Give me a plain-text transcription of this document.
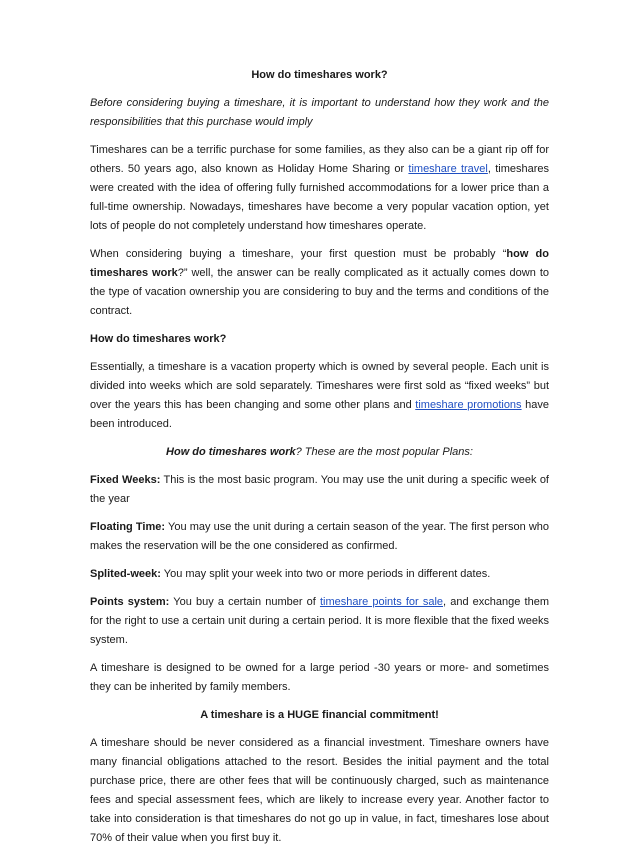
How do timeshares work?

Before considering buying a timeshare, it is important to understand how they work and the responsibilities that this purchase would imply

Timeshares can be a terrific purchase for some families, as they also can be a giant rip off for others. 50 years ago, also known as Holiday Home Sharing or timeshare travel, timeshares were created with the idea of offering fully furnished accommodations for a lower price than a full-time ownership. Nowadays, timeshares have become a very popular vacation option, yet lots of people do not completely understand how timeshares operate.

When considering buying a timeshare, your first question must be probably “how do timeshares work?” well, the answer can be really complicated as it actually comes down to the type of vacation ownership you are considering to buy and the terms and conditions of the contract.

How do timeshares work?

Essentially, a timeshare is a vacation property which is owned by several people. Each unit is divided into weeks which are sold separately. Timeshares were first sold as “fixed weeks” but over the years this has been changing and some other plans and timeshare promotions have been introduced.

How do timeshares work? These are the most popular Plans:

Fixed Weeks: This is the most basic program. You may use the unit during a specific week of the year

Floating Time: You may use the unit during a certain season of the year. The first person who makes the reservation will be the one considered as confirmed.

Splited-week: You may split your week into two or more periods in different dates.

Points system: You buy a certain number of timeshare points for sale, and exchange them for the right to use a certain unit during a certain period. It is more flexible that the fixed weeks system.

A timeshare is designed to be owned for a large period -30 years or more- and sometimes they can be inherited by family members.

A timeshare is a HUGE financial commitment!

A timeshare should be never considered as a financial investment. Timeshare owners have many financial obligations attached to the resort. Besides the initial payment and the total purchase price, there are other fees that will be continuously charged, such as maintenance fees and special assessment fees, which are likely to increase every year. Another factor to take into consideration is that timeshares do not go up in value, in fact, timeshares lose about 70% of their value when you first buy it.
